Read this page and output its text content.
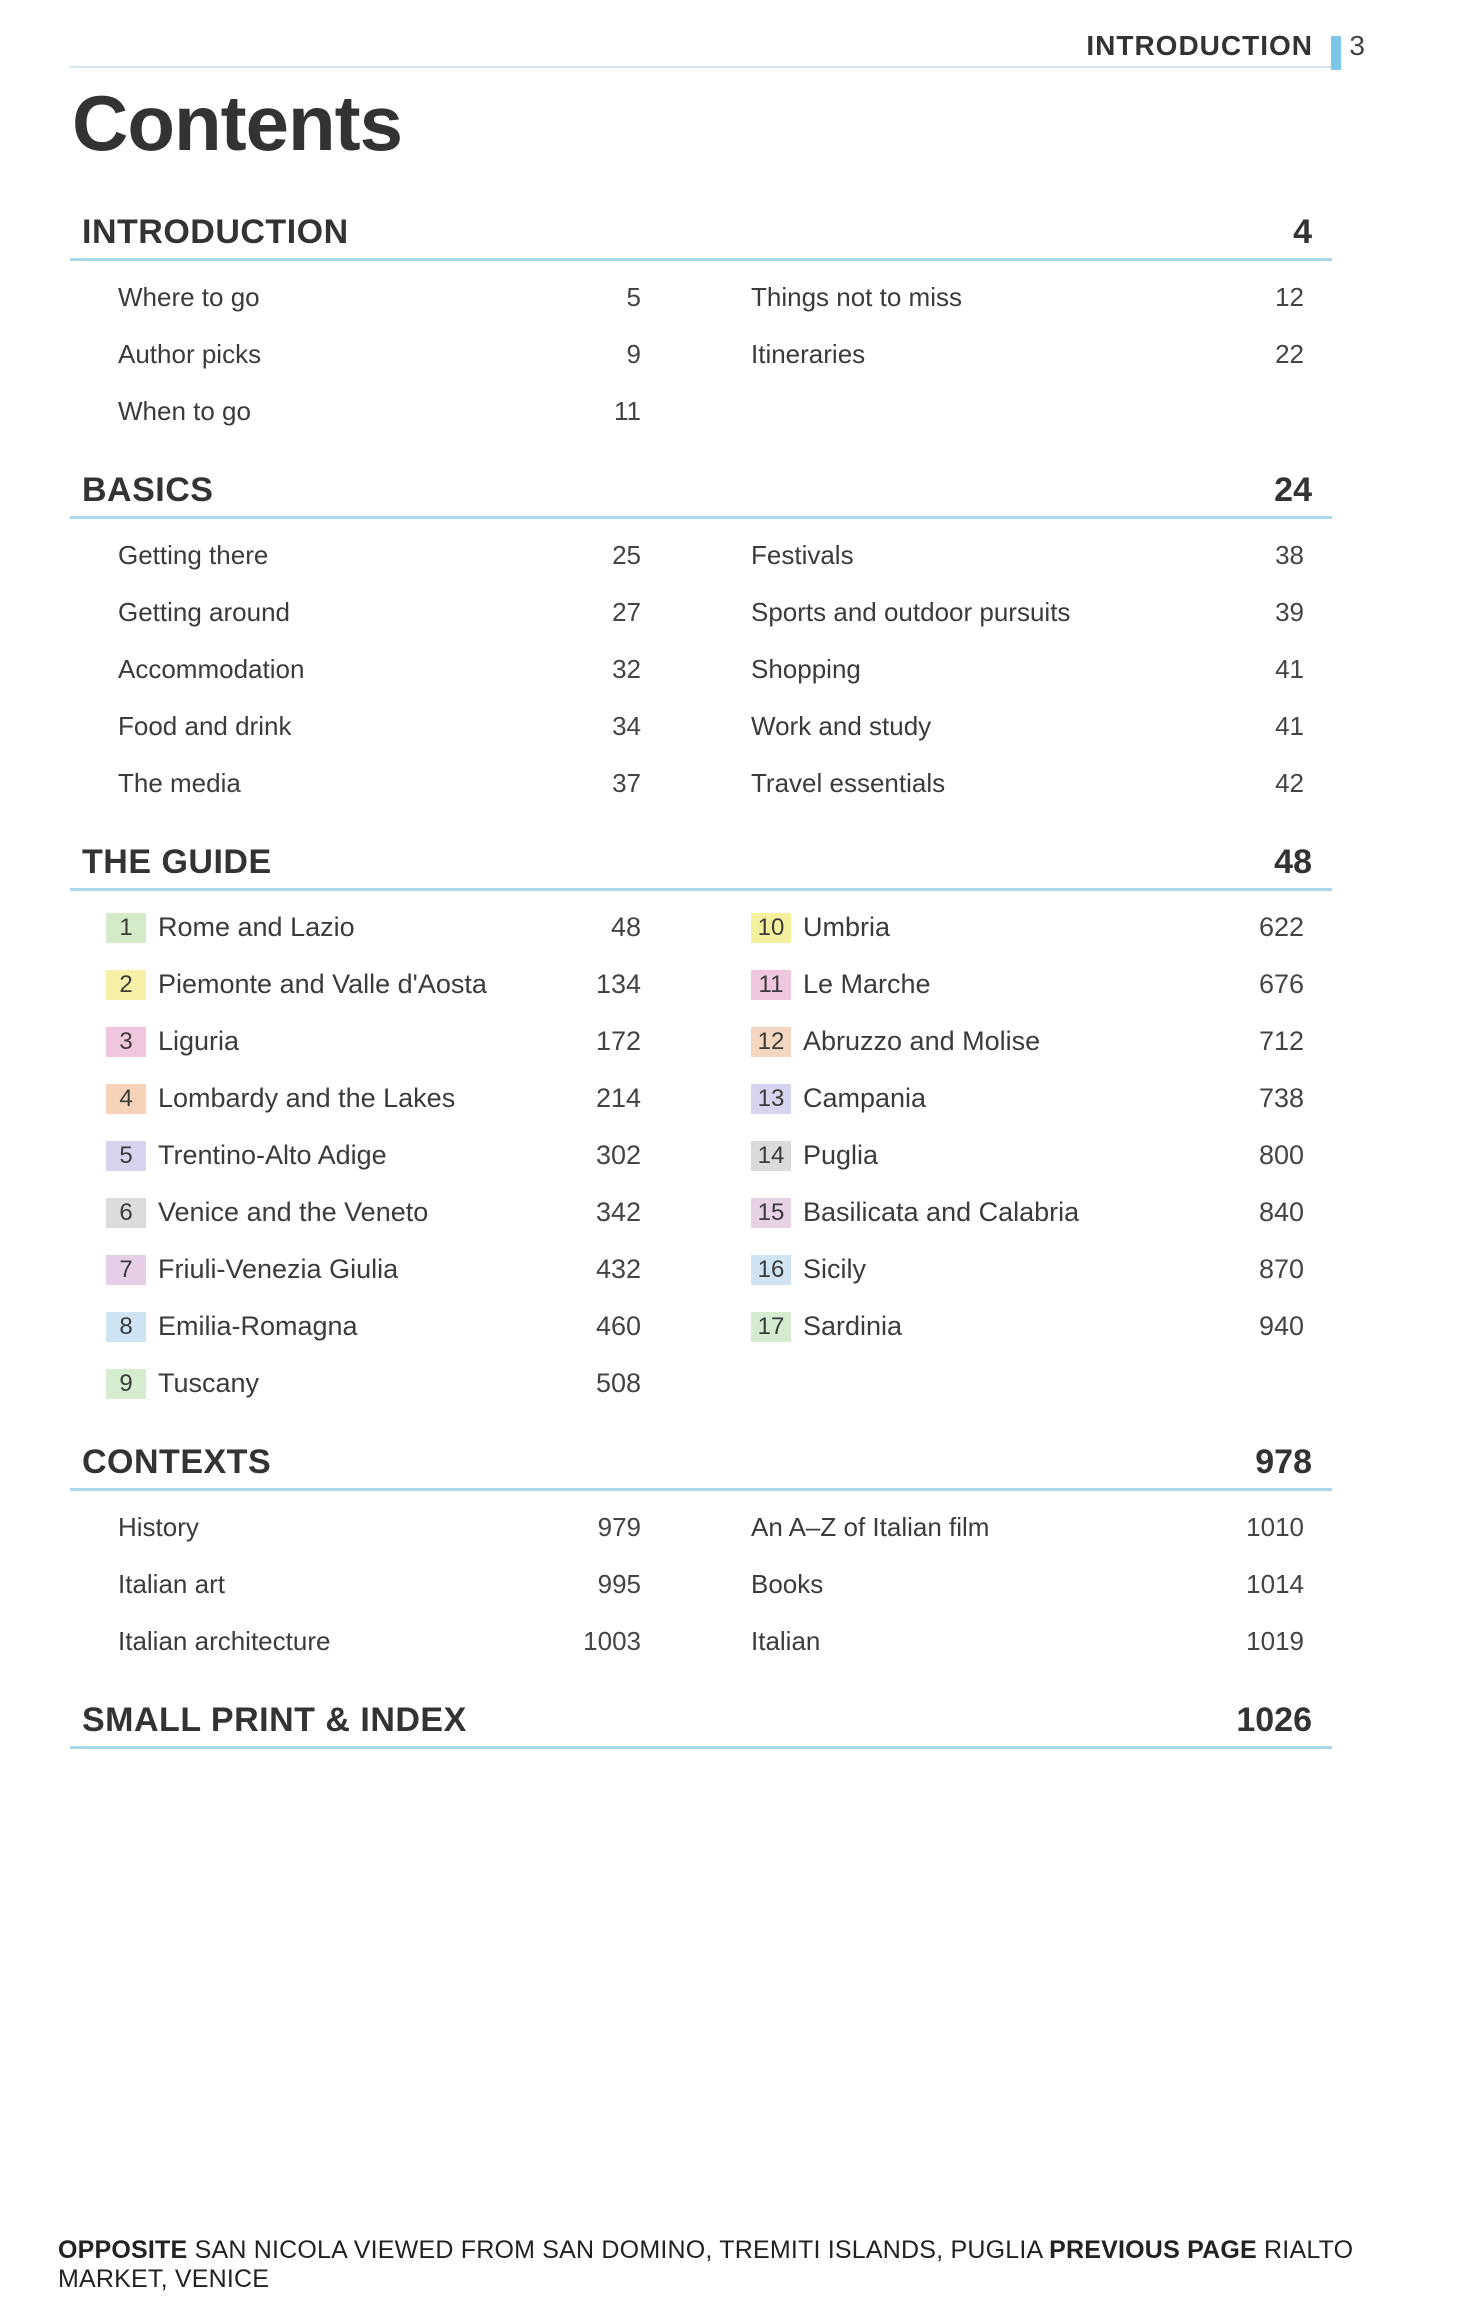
INTRODUCTION 3
Contents
INTRODUCTION	4
Where to go	5
Author picks	9
When to go	11
Things not to miss	12
Itineraries	22
BASICS	24
Getting there	25
Getting around	27
Accommodation	32
Food and drink	34
The media	37
Festivals	38
Sports and outdoor pursuits	39
Shopping	41
Work and study	41
Travel essentials	42
THE GUIDE	48
1 Rome and Lazio	48
2 Piemonte and Valle d'Aosta	134
3 Liguria	172
4 Lombardy and the Lakes	214
5 Trentino-Alto Adige	302
6 Venice and the Veneto	342
7 Friuli-Venezia Giulia	432
8 Emilia-Romagna	460
9 Tuscany	508
10 Umbria	622
11 Le Marche	676
12 Abruzzo and Molise	712
13 Campania	738
14 Puglia	800
15 Basilicata and Calabria	840
16 Sicily	870
17 Sardinia	940
CONTEXTS	978
History	979
Italian art	995
Italian architecture	1003
An A–Z of Italian film	1010
Books	1014
Italian	1019
SMALL PRINT & INDEX	1026
OPPOSITE SAN NICOLA VIEWED FROM SAN DOMINO, TREMITI ISLANDS, PUGLIA PREVIOUS PAGE RIALTO MARKET, VENICE
